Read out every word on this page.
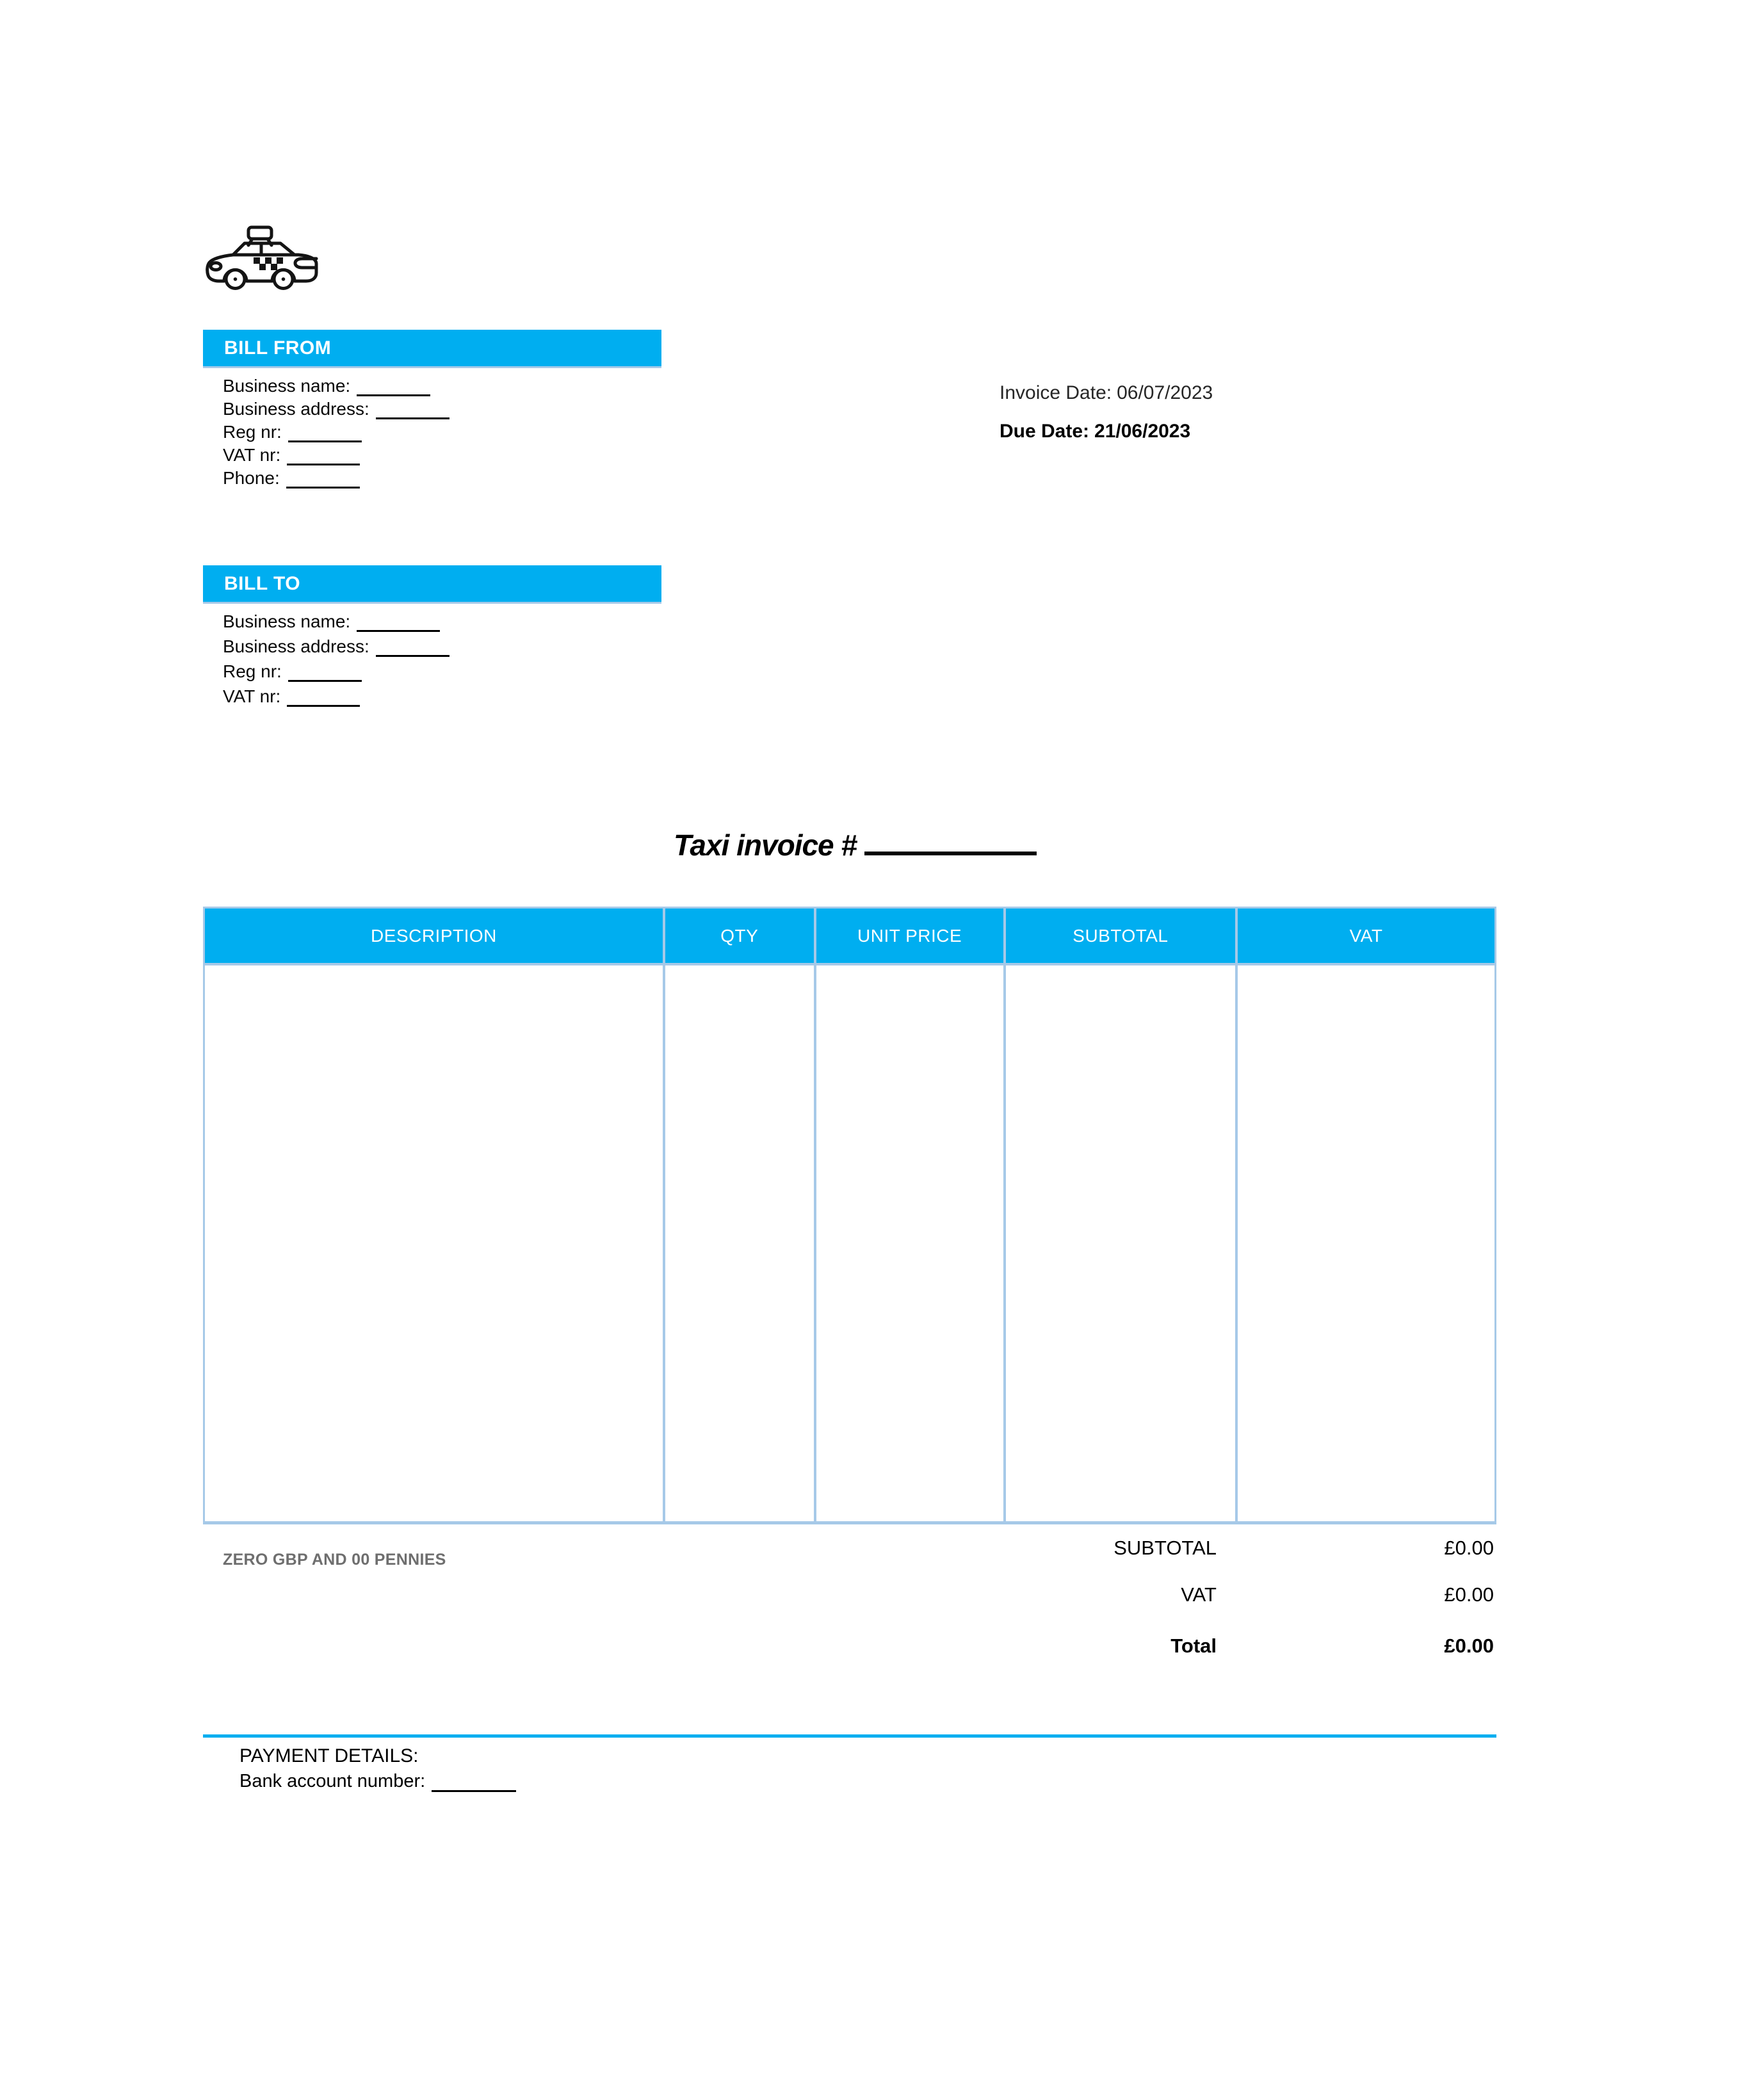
BILL FROM
Business name:
Business address:
Reg nr:
VAT nr:
Phone:
Invoice Date: 06/07/2023
Due Date: 21/06/2023
BILL TO
Business name:
Business address:
Reg nr:
VAT nr:
Taxi invoice #
DESCRIPTION	QTY	UNIT PRICE	SUBTOTAL	VAT
ZERO GBP AND 00 PENNIES
SUBTOTAL	£0.00
VAT	£0.00
Total	£0.00
PAYMENT DETAILS:
Bank account number:
